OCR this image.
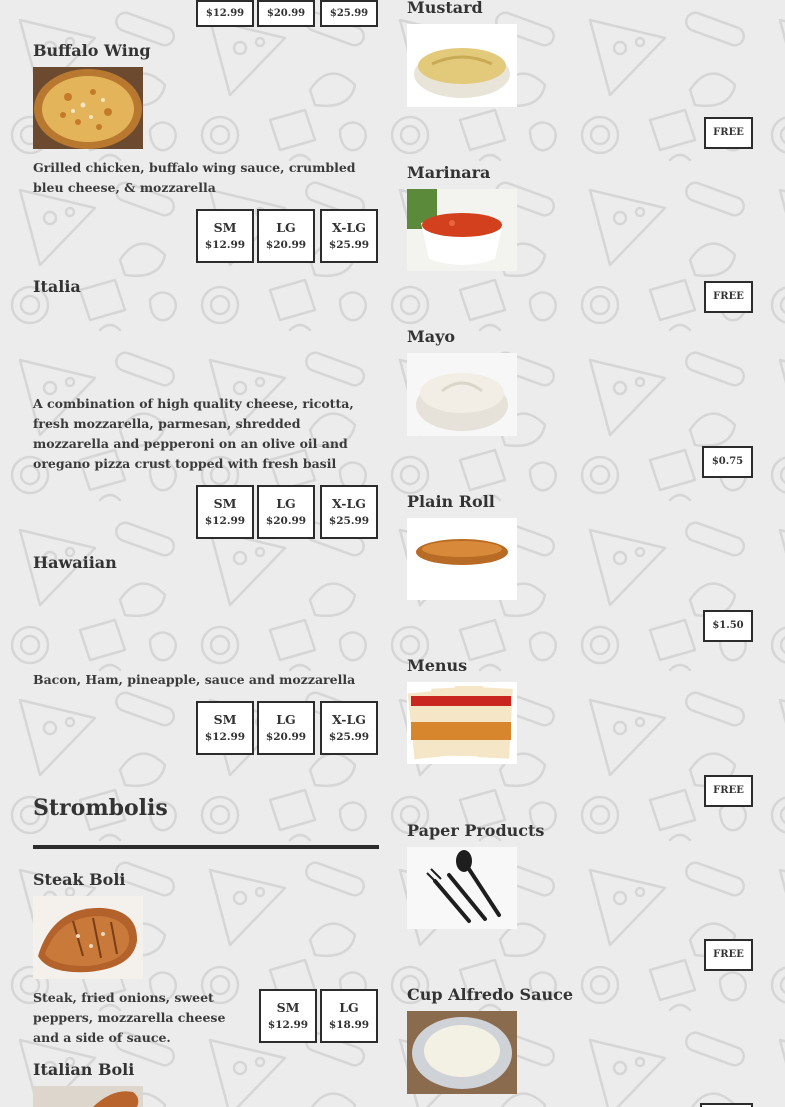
$12.99 $20.99 $25.99
Buffalo Wing
Grilled chicken, buffalo wing sauce, crumbled bleu cheese, & mozzarella
SM
$12.99
LG
$20.99
X-LG
$25.99
Italia
A combination of high quality cheese, ricotta, fresh mozzarella, parmesan, shredded mozzarella and pepperoni on an olive oil and oregano pizza crust topped with fresh basil
SM
$12.99
LG
$20.99
X-LG
$25.99
Hawaiian
Bacon, Ham, pineapple, sauce and mozzarella
SM
$12.99
LG
$20.99
X-LG
$25.99
Strombolis
Steak Boli
Steak, fried onions, sweet peppers, mozzarella cheese and a side of sauce.
SM
$12.99
LG
$18.99
Italian Boli
Mustard
FREE
Marinara
FREE
Mayo
$0.75
Plain Roll
$1.50
Menus
FREE
Paper Products
FREE
Cup Alfredo Sauce
